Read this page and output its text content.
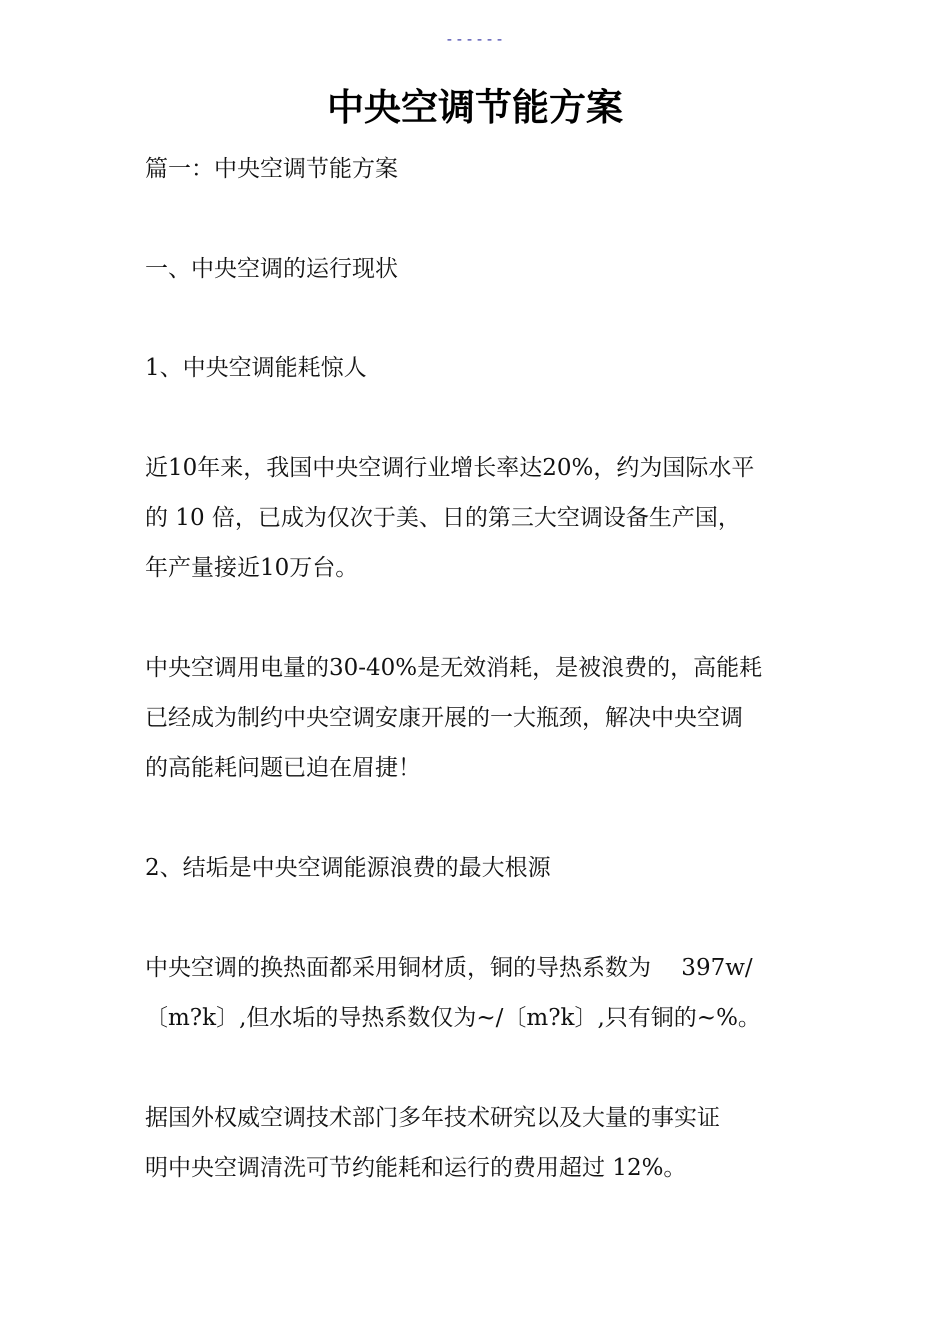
------
中央空调节能方案

篇一：中央空调节能方案

一、中央空调的运行现状

1、中央空调能耗惊人

近10年来，我国中央空调行业增长率达20%，约为国际水平
的 10 倍，已成为仅次于美、日的第三大空调设备生产国，
年产量接近10万台。

中央空调用电量的30-40%是无效消耗，是被浪费的，高能耗
已经成为制约中央空调安康开展的一大瓶颈，解决中央空调
的高能耗问题已迫在眉捷！

2、结垢是中央空调能源浪费的最大根源

中央空调的换热面都采用铜材质，铜的导热系数为　 397w/
〔m?k〕,但水垢的导热系数仅为~/〔m?k〕,只有铜的~%。

据国外权威空调技术部门多年技术研究以及大量的事实证
明中央空调清洗可节约能耗和运行的费用超过 12%。
